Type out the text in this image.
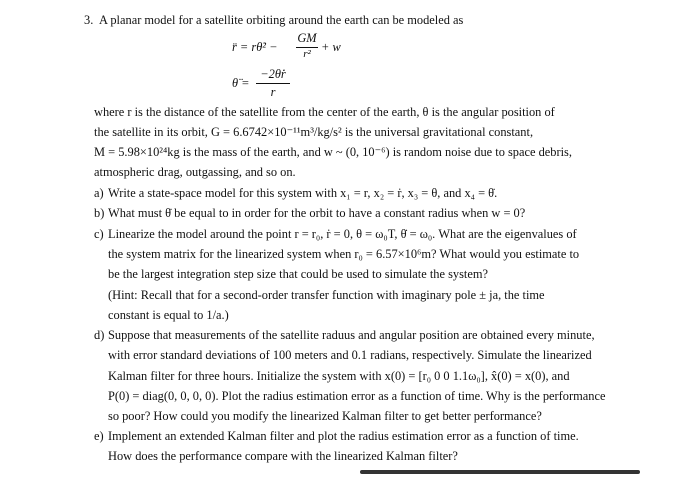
3. A planar model for a satellite orbiting around the earth can be modeled as
r̈ = rθ̇² −
GM
r² + w
θ̈ =
−2θ̇ṙ
r
where r is the distance of the satellite from the center of the earth, θ is the angular position of
the satellite in its orbit, G = 6.6742×10⁻¹¹m³/kg/s² is the universal gravitational constant,
M = 5.98×10²⁴kg is the mass of the earth, and w ~ (0, 10⁻⁶) is random noise due to space debris,
atmospheric drag, outgassing, and so on.
a) Write a state-space model for this system with x₁ = r, x₂ = ṙ, x₃ = θ, and x₄ = θ̇.
b) What must θ̇ be equal to in order for the orbit to have a constant radius when w = 0?
c) Linearize the model around the point r = r₀, ṙ = 0, θ = ω₀T, θ̇ = ω₀. What are the eigenvalues of
the system matrix for the linearized system when r₀ = 6.57×10⁶m? What would you estimate to
be the largest integration step size that could be used to simulate the system?
(Hint: Recall that for a second-order transfer function with imaginary pole ± ja, the time
constant is equal to 1/a.)
d) Suppose that measurements of the satellite raduus and angular position are obtained every minute,
with error standard deviations of 100 meters and 0.1 radians, respectively. Simulate the linearized
Kalman filter for three hours. Initialize the system with x(0) = [r₀ 0 0 1.1ω₀], x̂(0) = x(0), and
P(0) = diag(0, 0, 0, 0). Plot the radius estimation error as a function of time. Why is the performance
so poor? How could you modify the linearized Kalman filter to get better performance?
e) Implement an extended Kalman filter and plot the radius estimation error as a function of time.
How does the performance compare with the linearized Kalman filter?
